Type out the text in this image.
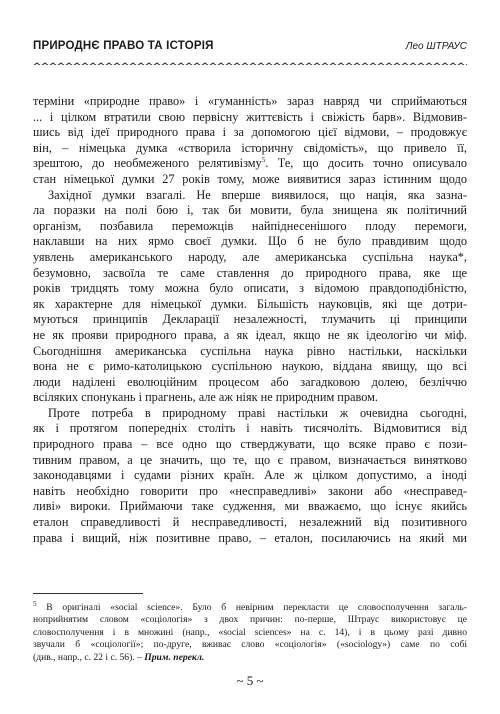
ПРИРОДНЄ ПРАВО ТА ІСТОРІЯ	Лео ШТРАУС
терміни «природне право» і «гуманність» зараз навряд чи сприймаються
... і цілком втратили свою первісну життєвість і свіжість барв». Відмовив-
шись від ідеї природного права і за допомогою цієї відмови, – продовжує
він, – німецька думка «створила історичну свідомість», що привело її,
зрештою, до необмеженого релятивізму$^5$. Те, що досить точно описувало
стан німецької думки 27 років тому, може виявитися зараз істинним щодо
Західної думки взагалі. Не вперше виявилося, що нація, яка зазна-
ла поразки на полі бою і, так би мовити, була знищена як політичний
організм, позбавила переможців найпіднесенішого плоду перемоги,
наклавши на них ярмо своєї думки. Що б не було правдивим щодо
уявлень американського народу, але американська суспільна наука*,
безумовно, засвоїла те саме ставлення до природного права, яке ще
років тридцять тому можна було описати, з відомою правдоподібністю,
як характерне для німецької думки. Більшість науковців, які ще дотри-
муються принципів Декларації незалежності, тлумачить ці принципи
не як прояви природного права, а як ідеал, якщо не як ідеологію чи міф.
Сьогоднішня американська суспільна наука рівно настільки, наскільки
вона не є римо-католицькою суспільною наукою, віддана явищу, що всі
люди наділені еволюційним процесом або загадковою долею, безліччю
всіляких спонукань і прагнень, але аж ніяк не природним правом.
Проте потреба в природному праві настільки ж очевидна сьогодні,
як і протягом попередніх століть і навіть тисячоліть. Відмовитися від
природного права – все одно що стверджувати, що всяке право є пози-
тивним правом, а це значить, що те, що є правом, визначається винятково
законодавцями і судами різних країн. Але ж цілком допустимо, а іноді
навіть необхідно говорити про «несправедливі» закони або «несправед-
ливі» вироки. Приймаючи таке судження, ми вважаємо, що існує якийсь
еталон справедливості й несправедливості, незалежний від позитивного
права і вищий, ніж позитивне право, – еталон, посилаючись на який ми
$^5$ В оригіналі «social science». Було б невірним перекласти це словосполучення загаль-
ноприйнятим словом «соціологія» з двох причин: по-перше, Штраус використовує це
словосполучення і в множині (напр., «social sciences» на с. 14), і в цьому разі дивно
звучали б «соціології»; по-друге, вживає слово «соціологія» («sociology») саме по собі
(див., напр., с. 22 і с. 56). – Прим. перекл.
~ 5 ~
